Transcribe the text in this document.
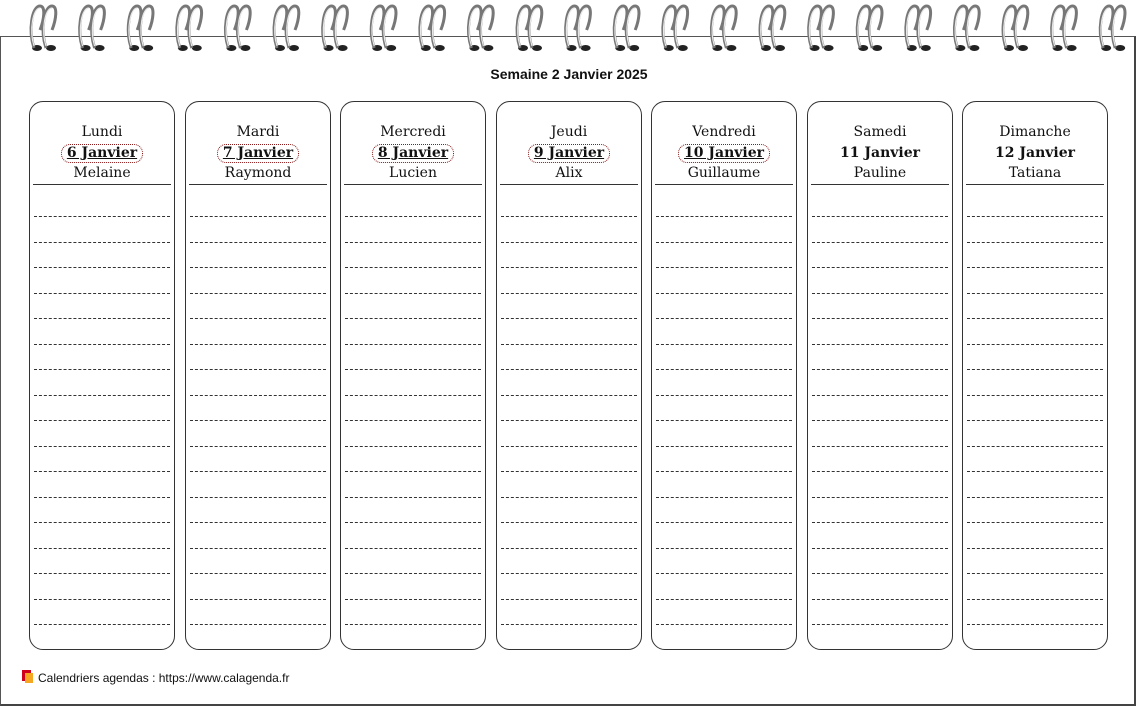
Semaine 2 Janvier 2025
Lundi
6 Janvier
Melaine
Mardi
7 Janvier
Raymond
Mercredi
8 Janvier
Lucien
Jeudi
9 Janvier
Alix
Vendredi
10 Janvier
Guillaume
Samedi
11 Janvier
Pauline
Dimanche
12 Janvier
Tatiana
Calendriers agendas : https://www.calagenda.fr
